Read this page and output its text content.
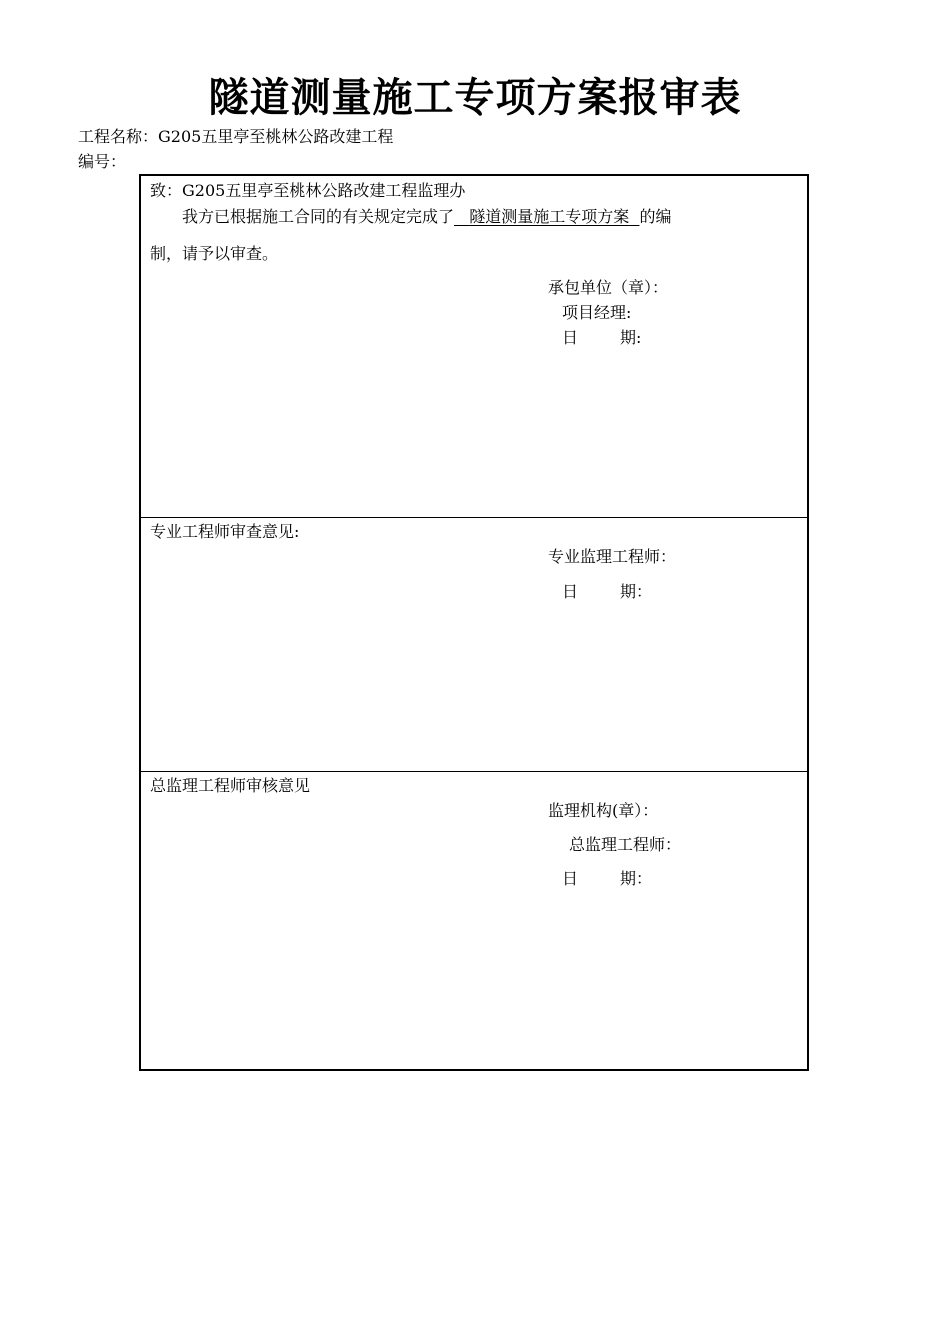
隧道测量施工专项方案报审表
工程名称：G205五里亭至桃林公路改建工程
编号：
致：G205五里亭至桃林公路改建工程监理办
我方已根据施工合同的有关规定完成了 隧道测量施工专项方案 的编
制，请予以审查。
承包单位（章）：
项目经理:
日	期:
专业工程师审查意见:
专业监理工程师：
日	期：
总监理工程师审核意见
监理机构(章）：
总监理工程师：
日	期：
